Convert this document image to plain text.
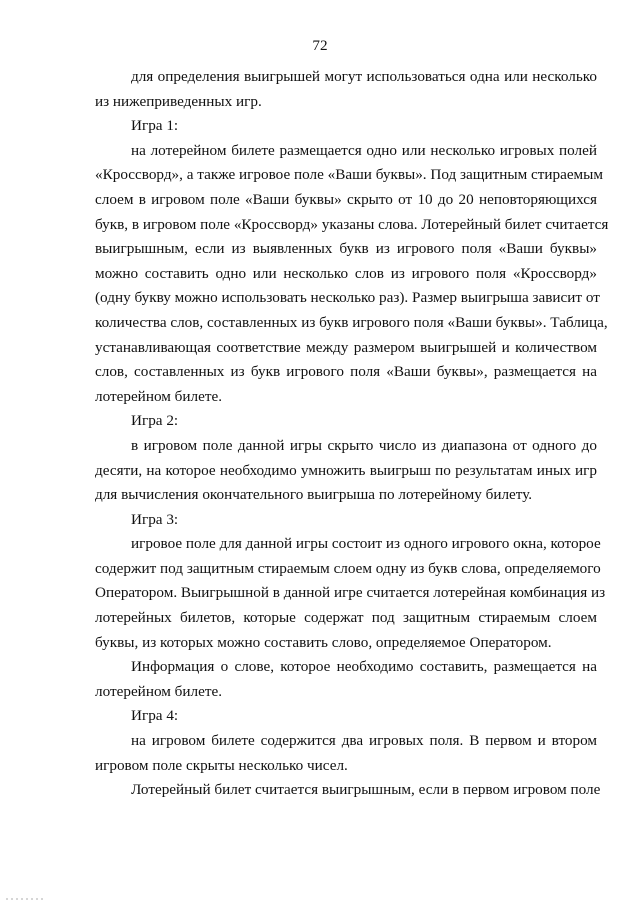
72
для определения выигрышей могут использоваться одна или несколько
из нижеприведенных игр.
Игра 1:
на лотерейном билете размещается одно или несколько игровых полей
«Кроссворд», а также игровое поле «Ваши буквы». Под защитным стираемым
слоем в игровом поле «Ваши буквы» скрыто от 10 до 20 неповторяющихся
букв, в игровом поле «Кроссворд» указаны слова. Лотерейный билет считается
выигрышным, если из выявленных букв из игрового поля «Ваши буквы»
можно составить одно или несколько слов из игрового поля «Кроссворд»
(одну букву можно использовать несколько раз). Размер выигрыша зависит от
количества слов, составленных из букв игрового поля «Ваши буквы». Таблица,
устанавливающая соответствие между размером выигрышей и количеством
слов, составленных из букв игрового поля «Ваши буквы», размещается на
лотерейном билете.
Игра 2:
в игровом поле данной игры скрыто число из диапазона от одного до
десяти, на которое необходимо умножить выигрыш по результатам иных игр
для вычисления окончательного выигрыша по лотерейному билету.
Игра 3:
игровое поле для данной игры состоит из одного игрового окна, которое
содержит под защитным стираемым слоем одну из букв слова, определяемого
Оператором. Выигрышной в данной игре считается лотерейная комбинация из
лотерейных билетов, которые содержат под защитным стираемым слоем
буквы, из которых можно составить слово, определяемое Оператором.
Информация о слове, которое необходимо составить, размещается на
лотерейном билете.
Игра 4:
на игровом билете содержится два игровых поля. В первом и втором
игровом поле скрыты несколько чисел.
Лотерейный билет считается выигрышным, если в первом игровом поле
